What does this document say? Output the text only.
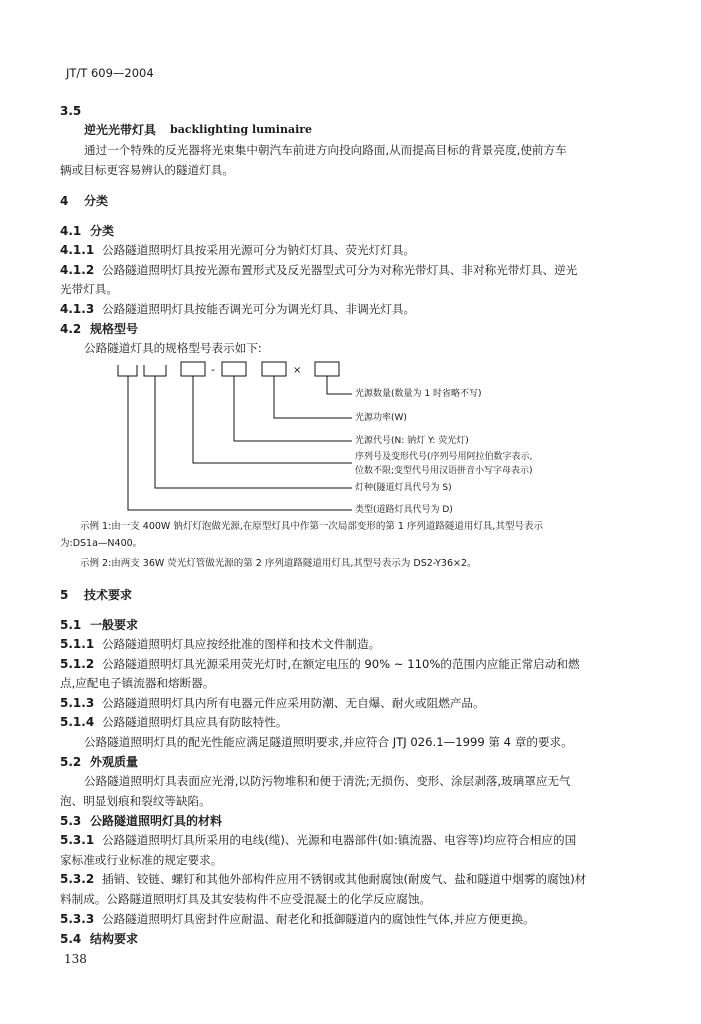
JT/T 609—2004
3.5
逆光光带灯具 backlighting luminaire
通过一个特殊的反光器将光束集中朝汽车前进方向投向路面,从而提高目标的背景亮度,使前方车
辆或目标更容易辨认的隧道灯具。
4 分类
4.1 分类
4.1.1 公路隧道照明灯具按采用光源可分为钠灯灯具、荧光灯灯具。
4.1.2 公路隧道照明灯具按光源布置形式及反光器型式可分为对称光带灯具、非对称光带灯具、逆光
光带灯具。
4.1.3 公路隧道照明灯具按能否调光可分为调光灯具、非调光灯具。
4.2 规格型号
公路隧道灯具的规格型号表示如下:
-	×
光源数量(数量为 1 时省略不写)
光源功率(W)
光源代号(N: 钠灯 Y: 荧光灯)
序列号及变形代号(序列号用阿拉伯数字表示,
位数不限;变型代号用汉语拼音小写字母表示)
灯种(隧道灯具代号为 S)
类型(道路灯具代号为 D)
示例 1:由一支 400W 钠灯灯泡做光源,在原型灯具中作第一次局部变形的第 1 序列道路隧道用灯具,其型号表示
为:DS1a—N400。
示例 2:由两支 36W 荧光灯管做光源的第 2 序列道路隧道用灯具,其型号表示为 DS2-Y36×2。
5 技术要求
5.1 一般要求
5.1.1 公路隧道照明灯具应按经批准的图样和技术文件制造。
5.1.2 公路隧道照明灯具光源采用荧光灯时,在额定电压的 90% ~ 110%的范围内应能正常启动和燃
点,应配电子镇流器和熔断器。
5.1.3 公路隧道照明灯具内所有电器元件应采用防潮、无自爆、耐火或阻燃产品。
5.1.4 公路隧道照明灯具应具有防眩特性。
公路隧道照明灯具的配光性能应满足隧道照明要求,并应符合 JTJ 026.1—1999 第 4 章的要求。
5.2 外观质量
公路隧道照明灯具表面应光滑,以防污物堆积和便于清洗;无损伤、变形、涂层剥落,玻璃罩应无气
泡、明显划痕和裂纹等缺陷。
5.3 公路隧道照明灯具的材料
5.3.1 公路隧道照明灯具所采用的电线(缆)、光源和电器部件(如:镇流器、电容等)均应符合相应的国
家标准或行业标准的规定要求。
5.3.2 插销、铰链、螺钉和其他外部构件应用不锈钢或其他耐腐蚀(耐废气、盐和隧道中烟雾的腐蚀)材
料制成。公路隧道照明灯具及其安装构件不应受混凝土的化学反应腐蚀。
5.3.3 公路隧道照明灯具密封件应耐温、耐老化和抵御隧道内的腐蚀性气体,并应方便更换。
5.4 结构要求
138
